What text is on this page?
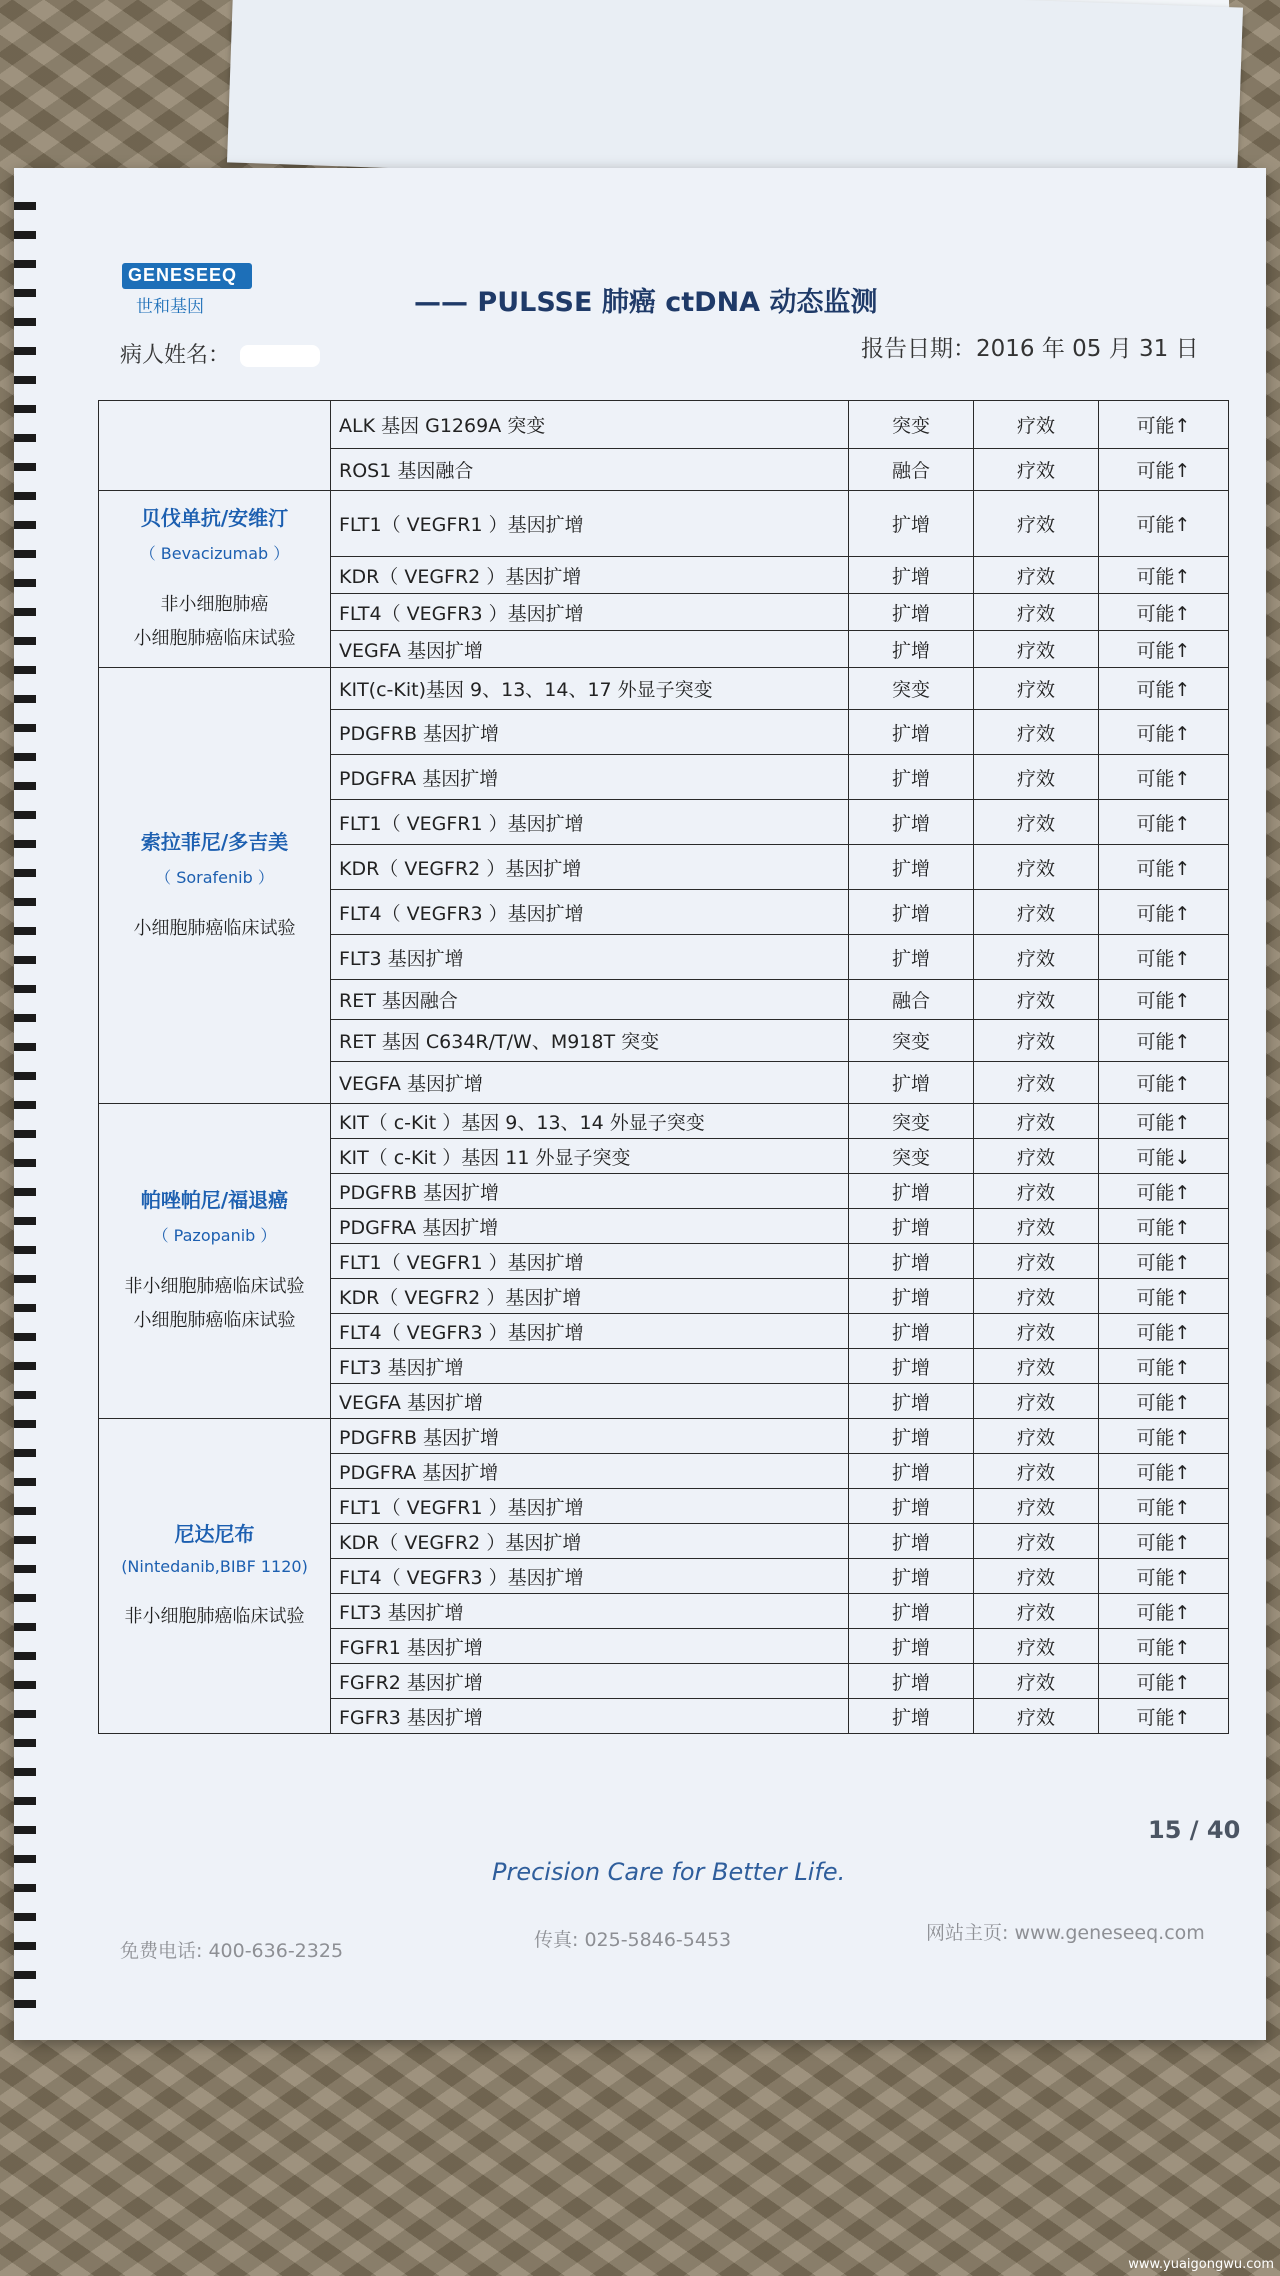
GENESEEQ
世和基因	—— PULSSE 肺癌 ctDNA 动态监测
病人姓名：	报告日期：2016 年 05 月 31 日
	ALK 基因 G1269A 突变	突变	疗效	可能↑
	ROS1 基因融合	融合	疗效	可能↑

贝伐单抗/安维汀
（ Bevacizumab ）
非小细胞肺癌
小细胞肺癌临床试验	FLT1（ VEGFR1 ）基因扩增	扩增	疗效	可能↑
	KDR（ VEGFR2 ）基因扩增	扩增	疗效	可能↑
	FLT4（ VEGFR3 ）基因扩增	扩增	疗效	可能↑
	VEGFA 基因扩增	扩增	疗效	可能↑

索拉菲尼/多吉美
（ Sorafenib ）
小细胞肺癌临床试验	KIT(c-Kit)基因 9、13、14、17 外显子突变	突变	疗效	可能↑
	PDGFRB 基因扩增	扩增	疗效	可能↑
	PDGFRA 基因扩增	扩增	疗效	可能↑
	FLT1（ VEGFR1 ）基因扩增	扩增	疗效	可能↑
	KDR（ VEGFR2 ）基因扩增	扩增	疗效	可能↑
	FLT4（ VEGFR3 ）基因扩增	扩增	疗效	可能↑
	FLT3 基因扩增	扩增	疗效	可能↑
	RET 基因融合	融合	疗效	可能↑
	RET 基因 C634R/T/W、M918T 突变	突变	疗效	可能↑
	VEGFA 基因扩增	扩增	疗效	可能↑

帕唑帕尼/福退癌
（ Pazopanib ）
非小细胞肺癌临床试验
小细胞肺癌临床试验	KIT（ c-Kit ）基因 9、13、14 外显子突变	突变	疗效	可能↑
	KIT（ c-Kit ）基因 11 外显子突变	突变	疗效	可能↓
	PDGFRB 基因扩增	扩增	疗效	可能↑
	PDGFRA 基因扩增	扩增	疗效	可能↑
	FLT1（ VEGFR1 ）基因扩增	扩增	疗效	可能↑
	KDR（ VEGFR2 ）基因扩增	扩增	疗效	可能↑
	FLT4（ VEGFR3 ）基因扩增	扩增	疗效	可能↑
	FLT3 基因扩增	扩增	疗效	可能↑
	VEGFA 基因扩增	扩增	疗效	可能↑

尼达尼布
(Nintedanib,BIBF 1120)
非小细胞肺癌临床试验	PDGFRB 基因扩增	扩增	疗效	可能↑
	PDGFRA 基因扩增	扩增	疗效	可能↑
	FLT1（ VEGFR1 ）基因扩增	扩增	疗效	可能↑
	KDR（ VEGFR2 ）基因扩增	扩增	疗效	可能↑
	FLT4（ VEGFR3 ）基因扩增	扩增	疗效	可能↑
	FLT3 基因扩增	扩增	疗效	可能↑
	FGFR1 基因扩增	扩增	疗效	可能↑
	FGFR2 基因扩增	扩增	疗效	可能↑
	FGFR3 基因扩增	扩增	疗效	可能↑
15 / 40
Precision Care for Better Life.
免费电话: 400-636-2325	传真: 025-5846-5453	网站主页: www.geneseeq.com
www.yuaigongwu.com
